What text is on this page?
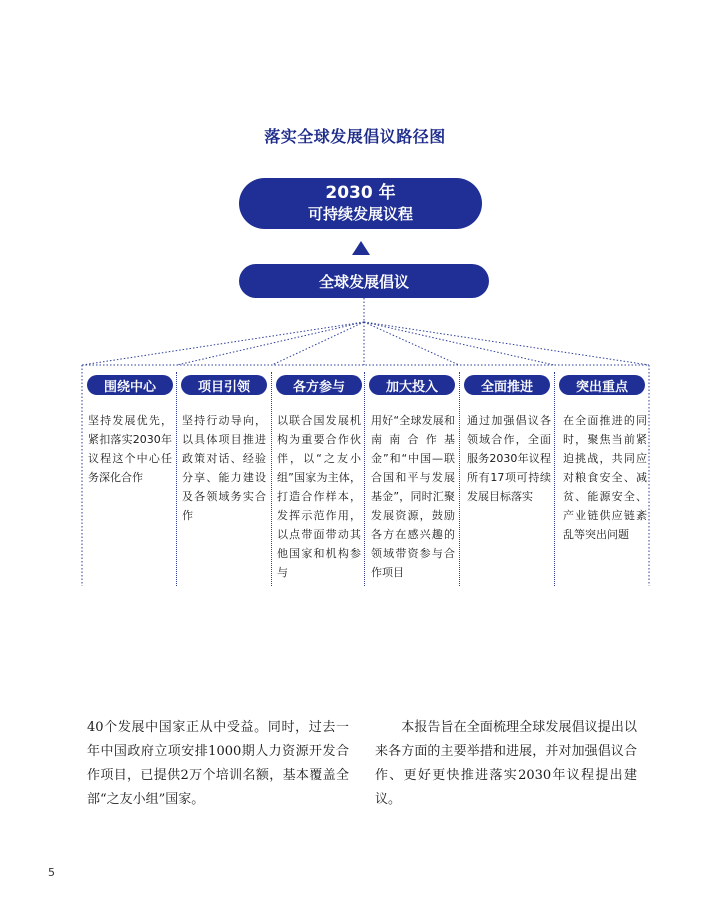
落实全球发展倡议路径图
2030 年
可持续发展议程
全球发展倡议
围绕中心
坚持发展优先，紧扣落实2030年议程这个中心任务深化合作
项目引领
坚持行动导向，以具体项目推进政策对话、经验分享、能力建设及各领域务实合作
各方参与
以联合国发展机构为重要合作伙伴，以“之友小组”国家为主体，打造合作样本，发挥示范作用，以点带面带动其他国家和机构参与
加大投入
用好“全球发展和南南合作基金”和“中国—联合国和平与发展基金”，同时汇聚发展资源，鼓励各方在感兴趣的领域带资参与合作项目
全面推进
通过加强倡议各领域合作，全面服务2030年议程所有17项可持续发展目标落实
突出重点
在全面推进的同时，聚焦当前紧迫挑战，共同应对粮食安全、减贫、能源安全、产业链供应链紊乱等突出问题
40个发展中国家正从中受益。同时，过去一年中国政府立项安排1000期人力资源开发合作项目，已提供2万个培训名额，基本覆盖全部“之友小组”国家。
　　本报告旨在全面梳理全球发展倡议提出以来各方面的主要举措和进展，并对加强倡议合作、更好更快推进落实2030年议程提出建议。
5
